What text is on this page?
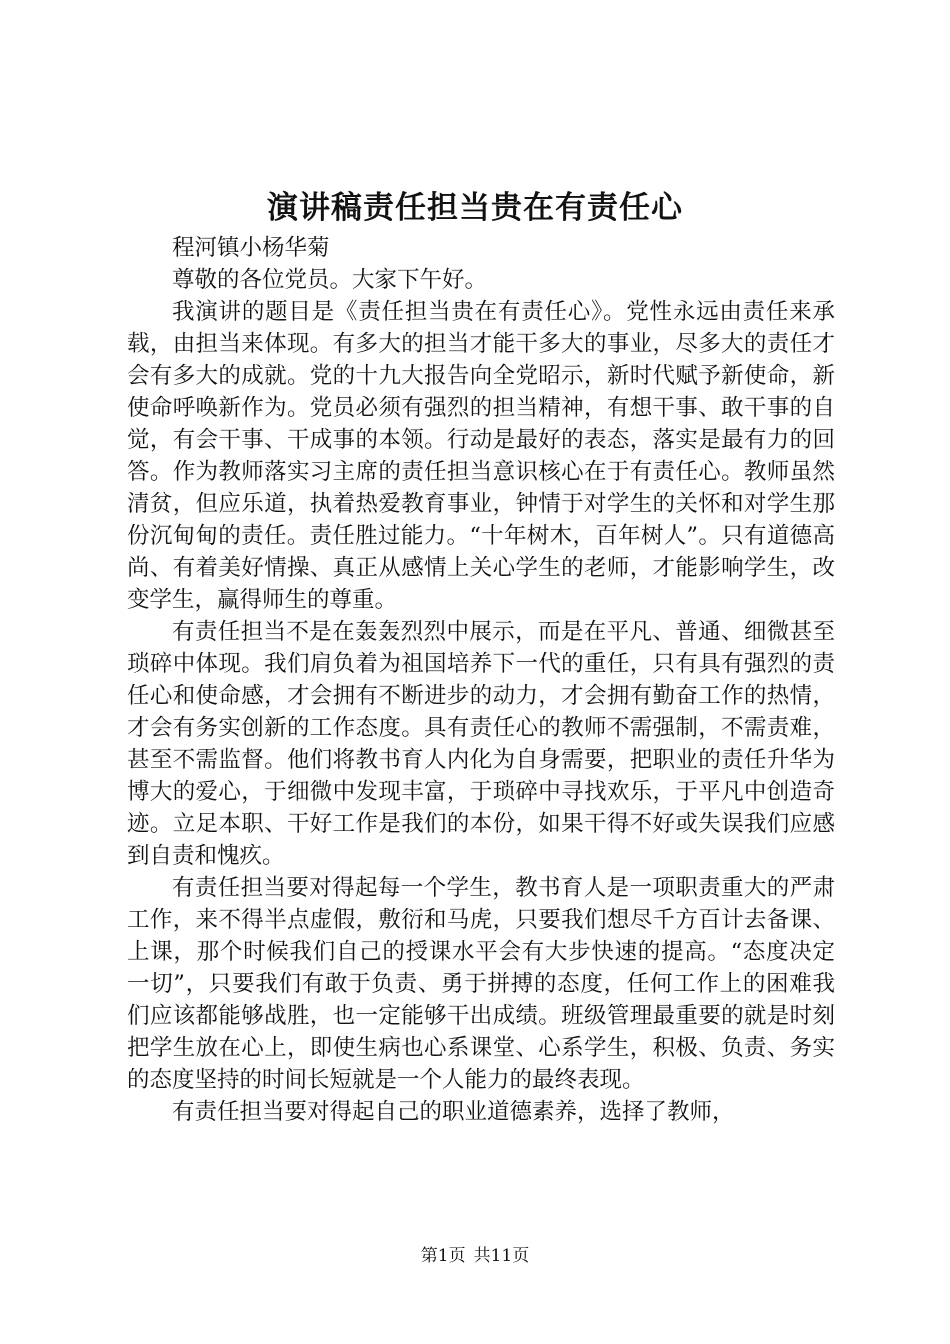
演讲稿责任担当贵在有责任心

程河镇小杨华菊

尊敬的各位党员。大家下午好。

我演讲的题目是《责任担当贵在有责任心》。党性永远由责任来承载，由担当来体现。有多大的担当才能干多大的事业，尽多大的责任才会有多大的成就。党的十九大报告向全党昭示，新时代赋予新使命，新使命呼唤新作为。党员必须有强烈的担当精神，有想干事、敢干事的自觉，有会干事、干成事的本领。行动是最好的表态，落实是最有力的回答。作为教师落实习主席的责任担当意识核心在于有责任心。教师虽然清贫，但应乐道，执着热爱教育事业，钟情于对学生的关怀和对学生那份沉甸甸的责任。责任胜过能力。“十年树木，百年树人”。只有道德高尚、有着美好情操、真正从感情上关心学生的老师，才能影响学生，改变学生，赢得师生的尊重。

有责任担当不是在轰轰烈烈中展示，而是在平凡、普通、细微甚至琐碎中体现。我们肩负着为祖国培养下一代的重任，只有具有强烈的责任心和使命感，才会拥有不断进步的动力，才会拥有勤奋工作的热情，才会有务实创新的工作态度。具有责任心的教师不需强制，不需责难，甚至不需监督。他们将教书育人内化为自身需要，把职业的责任升华为博大的爱心，于细微中发现丰富，于琐碎中寻找欢乐，于平凡中创造奇迹。立足本职、干好工作是我们的本份，如果干得不好或失误我们应感到自责和愧疚。

有责任担当要对得起每一个学生，教书育人是一项职责重大的严肃工作，来不得半点虚假，敷衍和马虎，只要我们想尽千方百计去备课、上课，那个时候我们自己的授课水平会有大步快速的提高。“态度决定一切”，只要我们有敢于负责、勇于拼搏的态度，任何工作上的困难我们应该都能够战胜，也一定能够干出成绩。班级管理最重要的就是时刻把学生放在心上，即使生病也心系课堂、心系学生，积极、负责、务实的态度坚持的时间长短就是一个人能力的最终表现。

有责任担当要对得起自己的职业道德素养，选择了教师，

第1页 共11页
